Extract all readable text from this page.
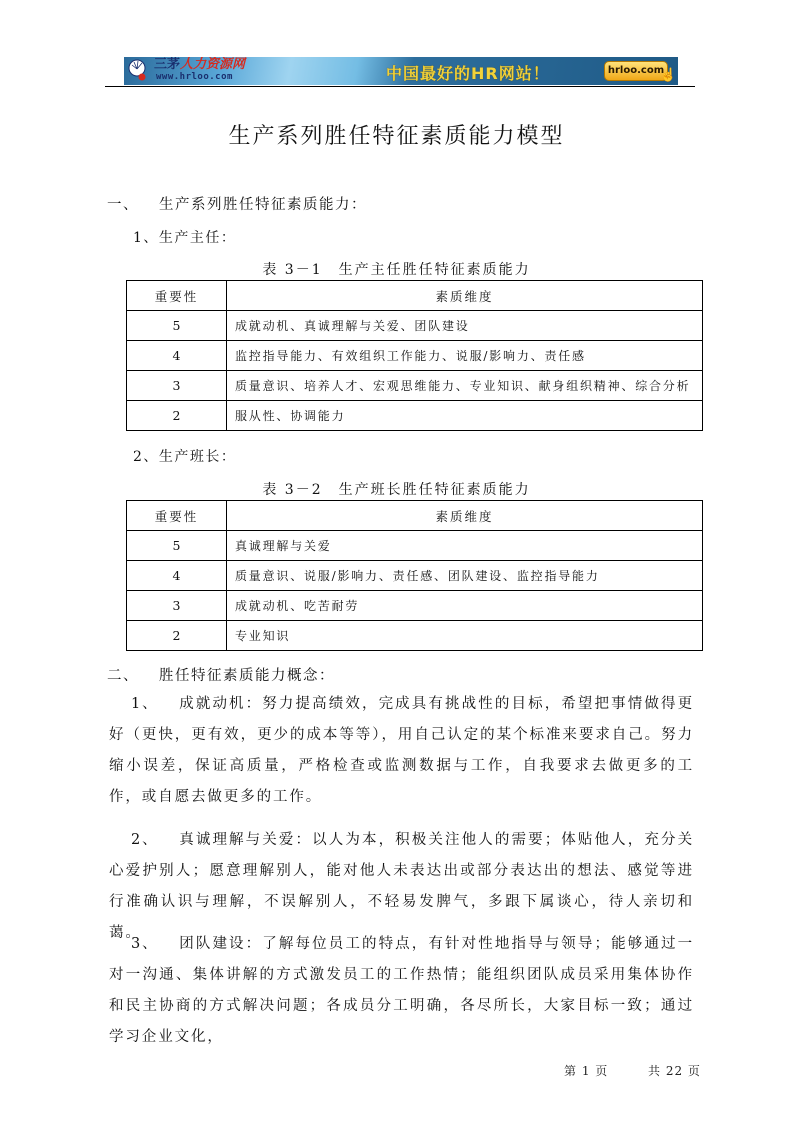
三茅人力资源网
www.hrloo.com	中国最好的HR网站！	hrloo.com
☝
生产系列胜任特征素质能力模型
一、 生产系列胜任特征素质能力：
1、生产主任：
表 3－1　生产主任胜任特征素质能力
重要性	素质维度
5	成就动机、真诚理解与关爱、团队建设
4	监控指导能力、有效组织工作能力、说服/影响力、责任感
3	质量意识、培养人才、宏观思维能力、专业知识、献身组织精神、综合分析
2	服从性、协调能力
2、生产班长：
表 3－2　生产班长胜任特征素质能力
重要性	素质维度
5	真诚理解与关爱
4	质量意识、说服/影响力、责任感、团队建设、监控指导能力
3	成就动机、吃苦耐劳
2	专业知识
二、 胜任特征素质能力概念：
1、 成就动机：努力提高绩效，完成具有挑战性的目标，希望把事情做得更好（更快，更有效，更少的成本等等），用自己认定的某个标准来要求自己。努力缩小误差，保证高质量，严格检查或监测数据与工作，自我要求去做更多的工作，或自愿去做更多的工作。
2、 真诚理解与关爱：以人为本，积极关注他人的需要；体贴他人，充分关心爱护别人；愿意理解别人，能对他人未表达出或部分表达出的想法、感觉等进行准确认识与理解，不误解别人，不轻易发脾气，多跟下属谈心，待人亲切和蔼。
3、 团队建设：了解每位员工的特点，有针对性地指导与领导；能够通过一对一沟通、集体讲解的方式激发员工的工作热情；能组织团队成员采用集体协作和民主协商的方式解决问题；各成员分工明确，各尽所长，大家目标一致；通过学习企业文化，
第 1 页	共 22 页
